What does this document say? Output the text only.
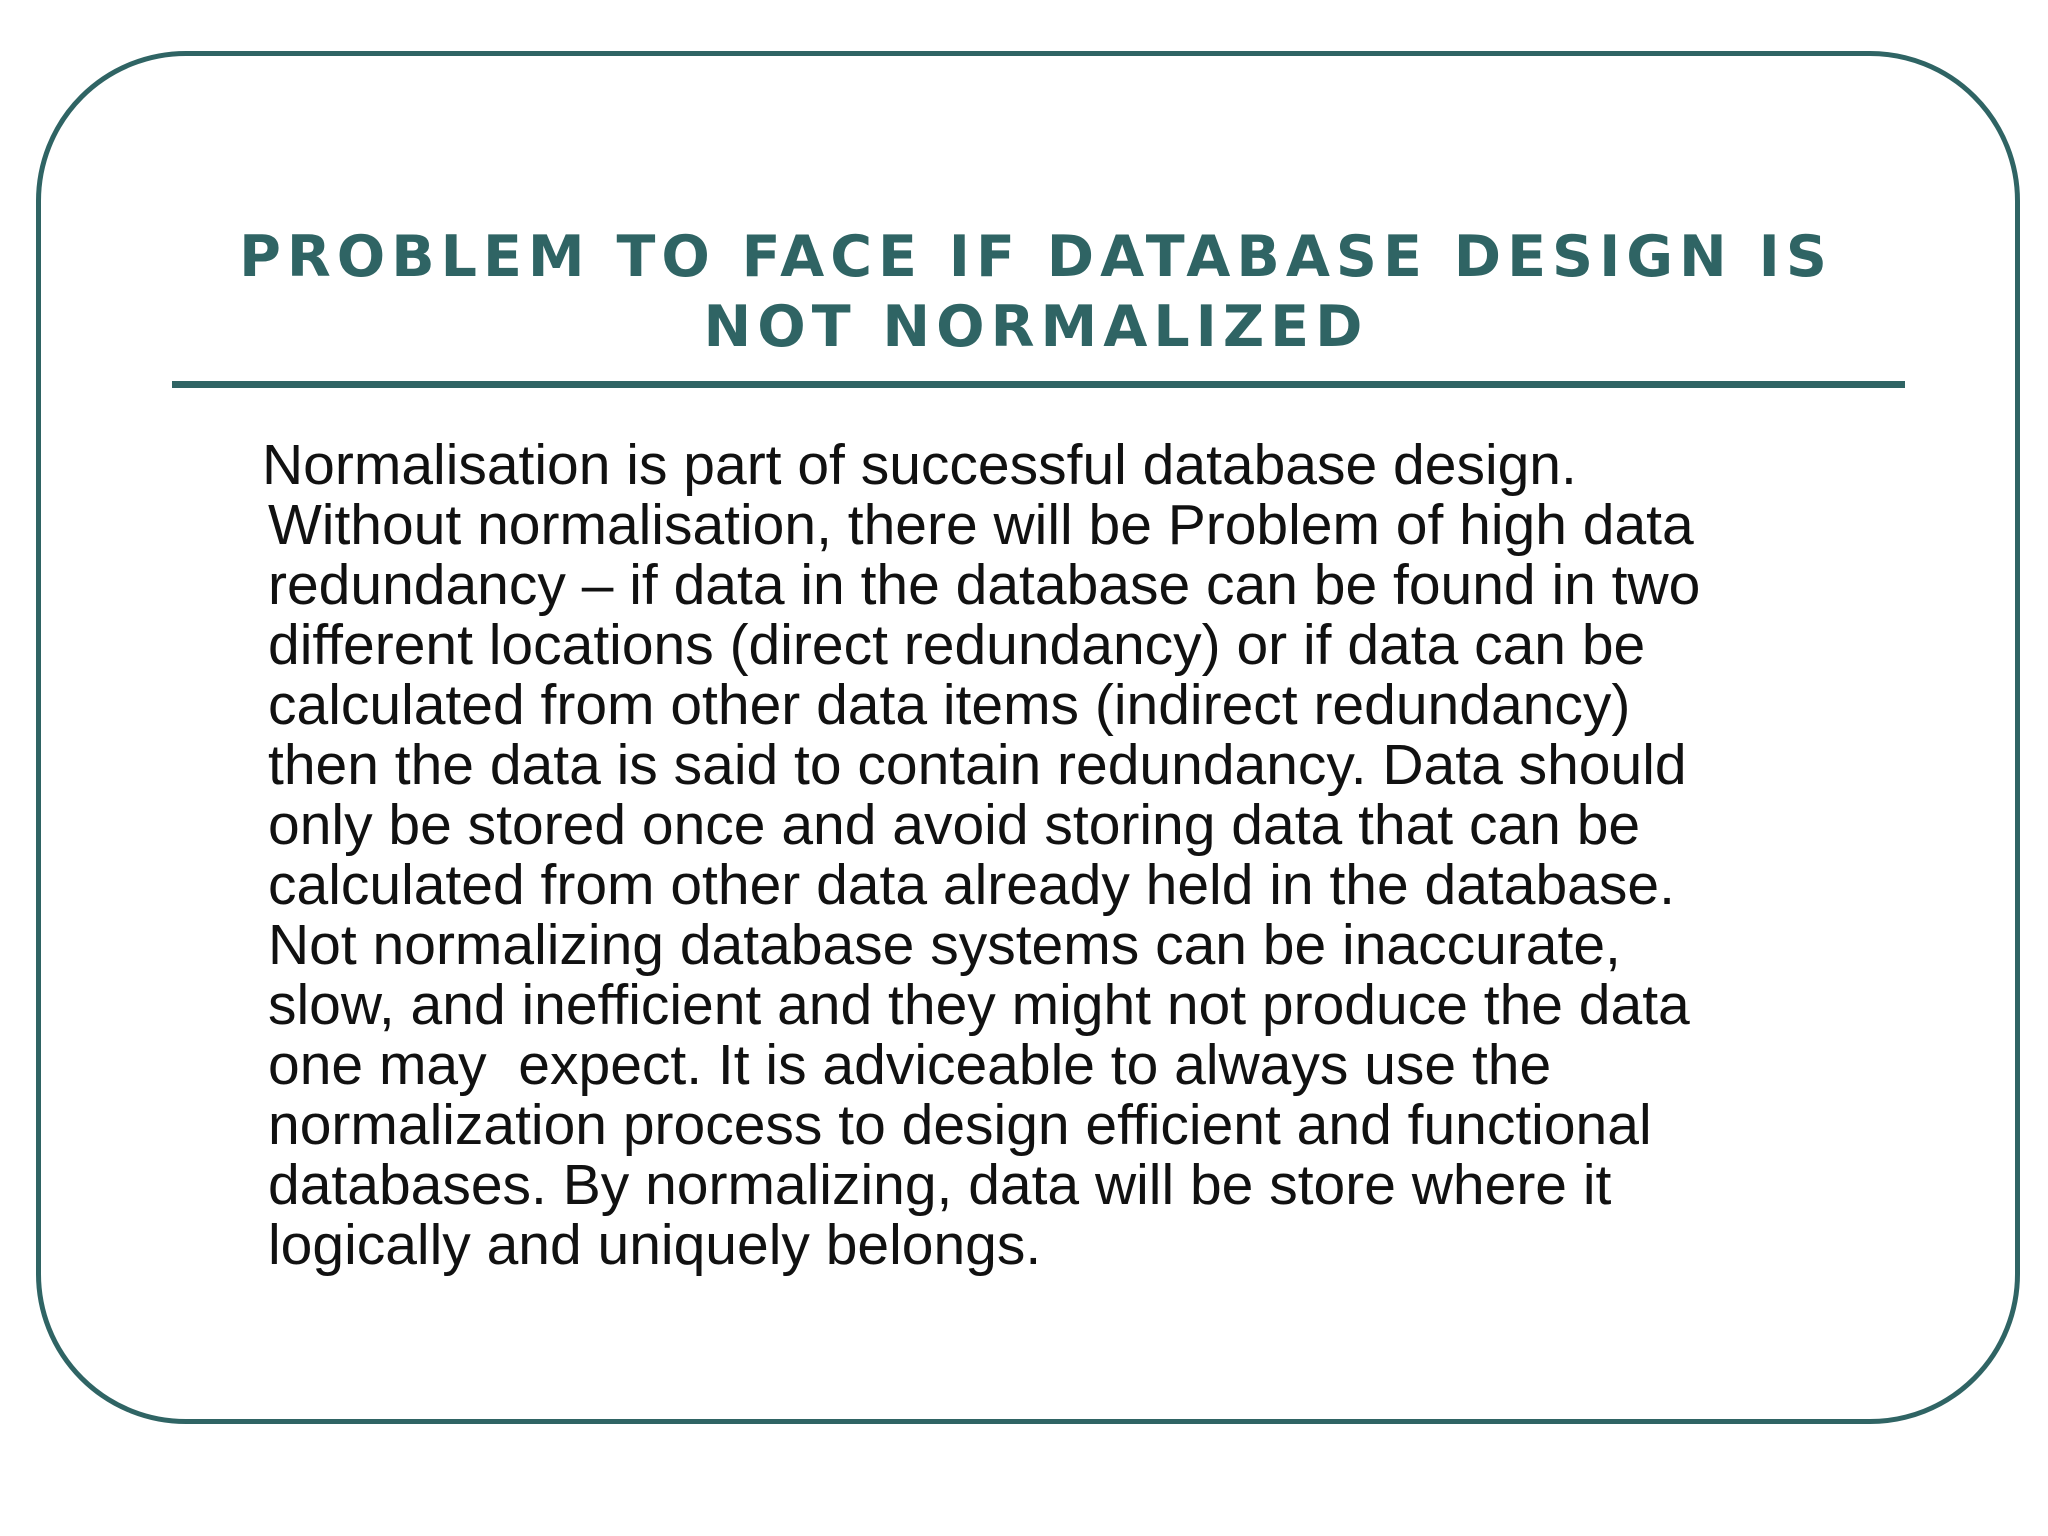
PROBLEM TO FACE IF DATABASE DESIGN IS
NOT NORMALIZED
Normalisation is part of successful database design.
Without normalisation, there will be Problem of high data
redundancy – if data in the database can be found in two
different locations (direct redundancy) or if data can be
calculated from other data items (indirect redundancy)
then the data is said to contain redundancy. Data should
only be stored once and avoid storing data that can be
calculated from other data already held in the database.
Not normalizing database systems can be inaccurate,
slow, and inefficient and they might not produce the data
one may  expect. It is adviceable to always use the
normalization process to design efficient and functional
databases. By normalizing, data will be store where it
logically and uniquely belongs.
